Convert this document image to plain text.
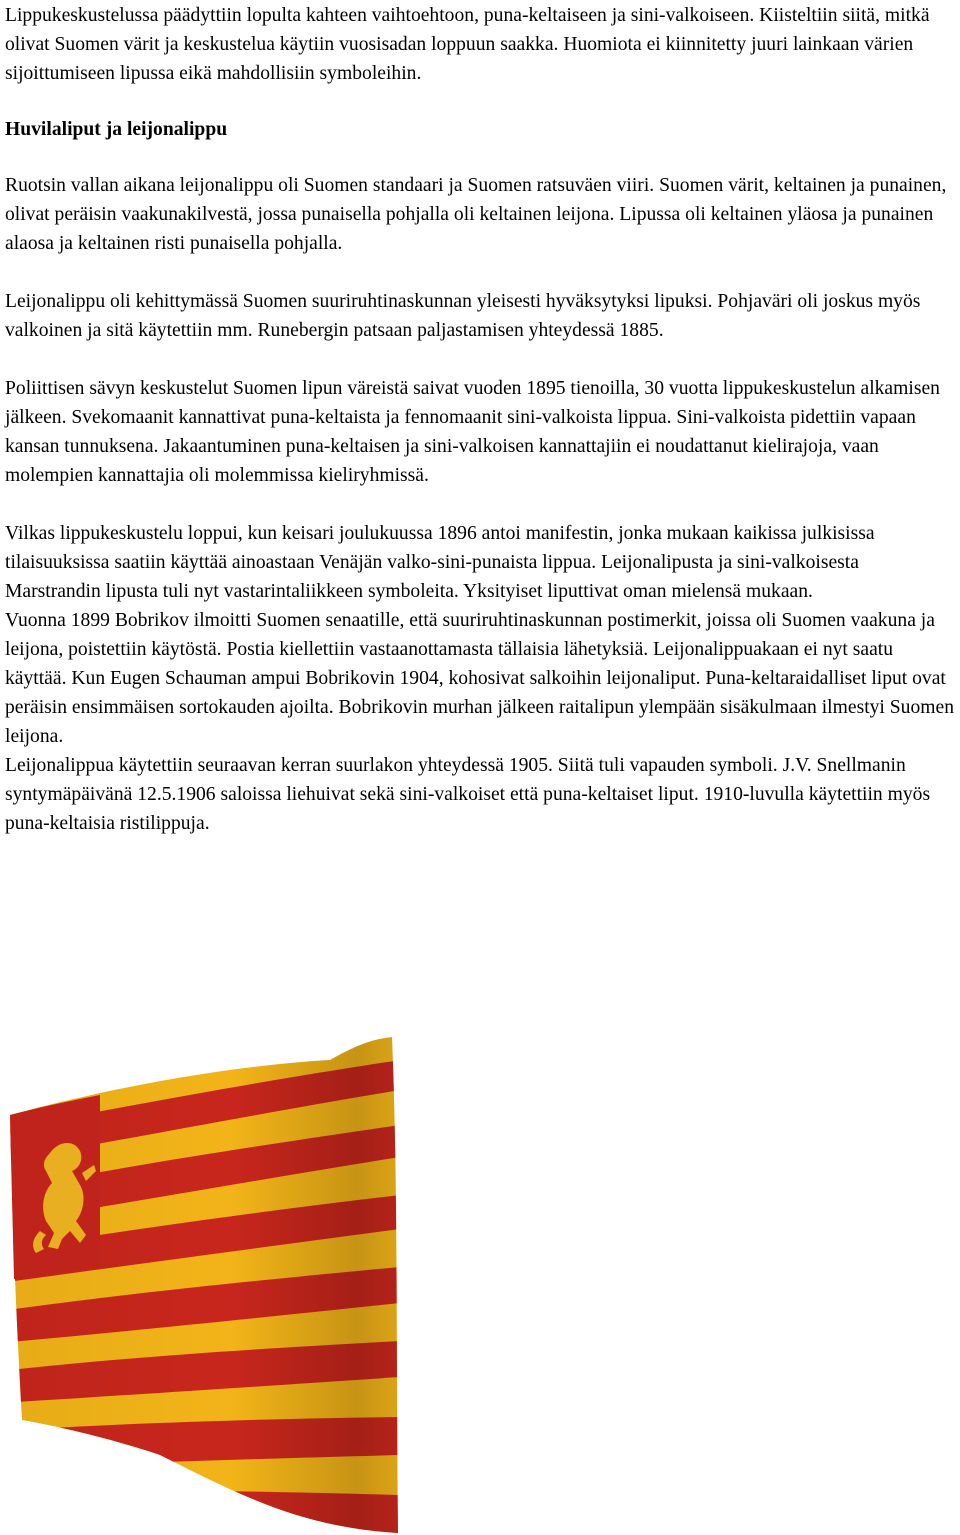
Lippukeskustelussa päädyttiin lopulta kahteen vaihtoehtoon, puna-keltaiseen ja sini-valkoiseen. Kiisteltiin siitä, mitkä olivat Suomen värit ja keskustelua käytiin vuosisadan loppuun saakka. Huomiota ei kiinnitetty juuri lainkaan värien sijoittumiseen lipussa eikä mahdollisiin symboleihin.

Huvilaliput ja leijonalippu

Ruotsin vallan aikana leijonalippu oli Suomen standaari ja Suomen ratsuväen viiri. Suomen värit, keltainen ja punainen, olivat peräisin vaakunakilvestä, jossa punaisella pohjalla oli keltainen leijona. Lipussa oli keltainen yläosa ja punainen alaosa ja keltainen risti punaisella pohjalla.

Leijonalippu oli kehittymässä Suomen suuriruhtinaskunnan yleisesti hyväksytyksi lipuksi. Pohjaväri oli joskus myös valkoinen ja sitä käytettiin mm. Runebergin patsaan paljastamisen yhteydessä 1885.

Poliittisen sävyn keskustelut Suomen lipun väreistä saivat vuoden 1895 tienoilla, 30 vuotta lippukeskustelun alkamisen jälkeen. Svekomaanit kannattivat puna-keltaista ja fennomaanit sini-valkoista lippua. Sini-valkoista pidettiin vapaan kansan tunnuksena. Jakaantuminen puna-keltaisen ja sini-valkoisen kannattajiin ei noudattanut kielirajoja, vaan molempien kannattajia oli molemmissa kieliryhmissä.

Vilkas lippukeskustelu loppui, kun keisari joulukuussa 1896 antoi manifestin, jonka mukaan kaikissa julkisissa tilaisuuksissa saatiin käyttää ainoastaan Venäjän valko-sini-punaista lippua. Leijonalipusta ja sini-valkoisesta Marstrandin lipusta tuli nyt vastarintaliikkeen symboleita. Yksityiset liputtivat oman mielensä mukaan.

Vuonna 1899 Bobrikov ilmoitti Suomen senaatille, että suuriruhtinaskunnan postimerkit, joissa oli Suomen vaakuna ja leijona, poistettiin käytöstä. Postia kiellettiin vastaanottamasta tällaisia lähetyksiä. Leijonalippuakaan ei nyt saatu käyttää. Kun Eugen Schauman ampui Bobrikovin 1904, kohosivat salkoihin leijonaliput. Puna-keltaraidalliset liput ovat peräisin ensimmäisen sortokauden ajoilta. Bobrikovin murhan jälkeen raitalipun ylempään sisäkulmaan ilmestyi Suomen leijona.

Leijonalippua käytettiin seuraavan kerran suurlakon yhteydessä 1905. Siitä tuli vapauden symboli. J.V. Snellmanin syntymäpäivänä 12.5.1906 saloissa liehuivat sekä sini-valkoiset että puna-keltaiset liput. 1910-luvulla käytettiin myös puna-keltaisia ristilippuja.
